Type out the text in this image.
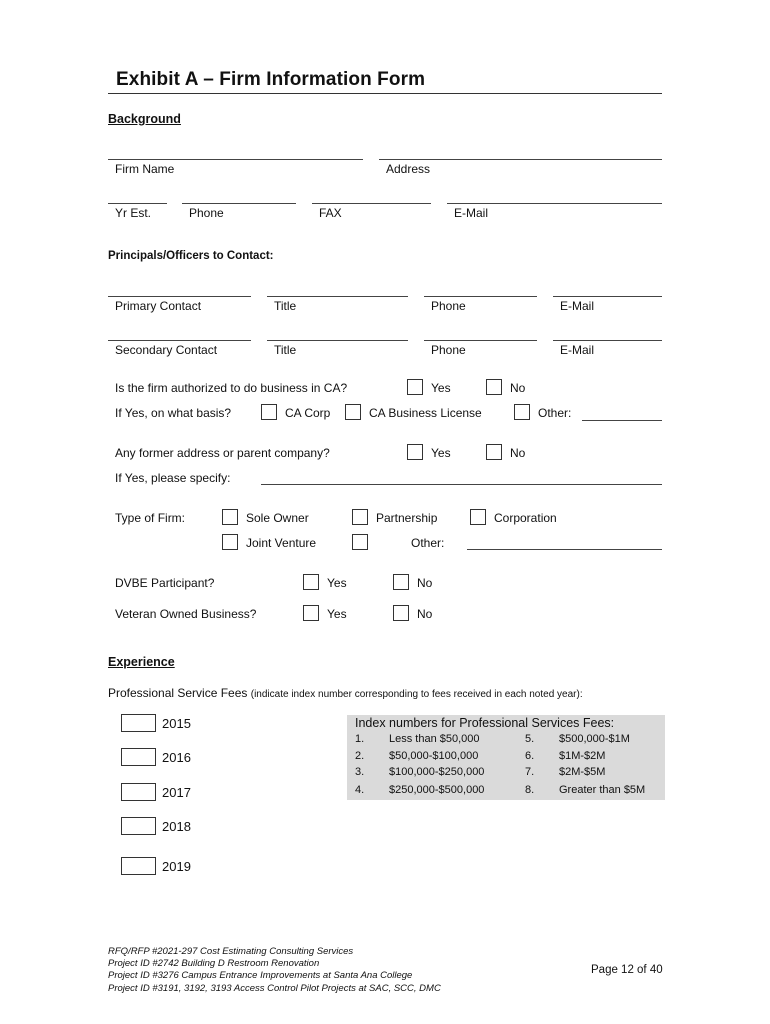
Exhibit A – Firm Information Form
Background
Firm Name	Address
Yr Est.	Phone	FAX	E-Mail
Principals/Officers to Contact:
Primary Contact	Title	Phone	E-Mail
Secondary Contact	Title	Phone	E-Mail
Is the firm authorized to do business in CA?	Yes	No
If Yes, on what basis?	CA Corp	CA Business License	Other:
Any former address or parent company?	Yes	No
If Yes, please specify:
Type of Firm:	Sole Owner	Partnership	Corporation
Joint Venture	Other:
DVBE Participant?	Yes	No
Veteran Owned Business?	Yes	No
Experience
Professional Service Fees (indicate index number corresponding to fees received in each noted year):
2015
2016
2017
2018
2019
Index numbers for Professional Services Fees:
1. Less than $50,000	5. $500,000-$1M
2. $50,000-$100,000	6. $1M-$2M
3. $100,000-$250,000	7. $2M-$5M
4. $250,000-$500,000	8. Greater than $5M
RFQ/RFP #2021-297 Cost Estimating Consulting Services
Project ID #2742 Building D Restroom Renovation
Project ID #3276 Campus Entrance Improvements at Santa Ana College
Project ID #3191, 3192, 3193 Access Control Pilot Projects at SAC, SCC, DMC
Page 12 of 40
